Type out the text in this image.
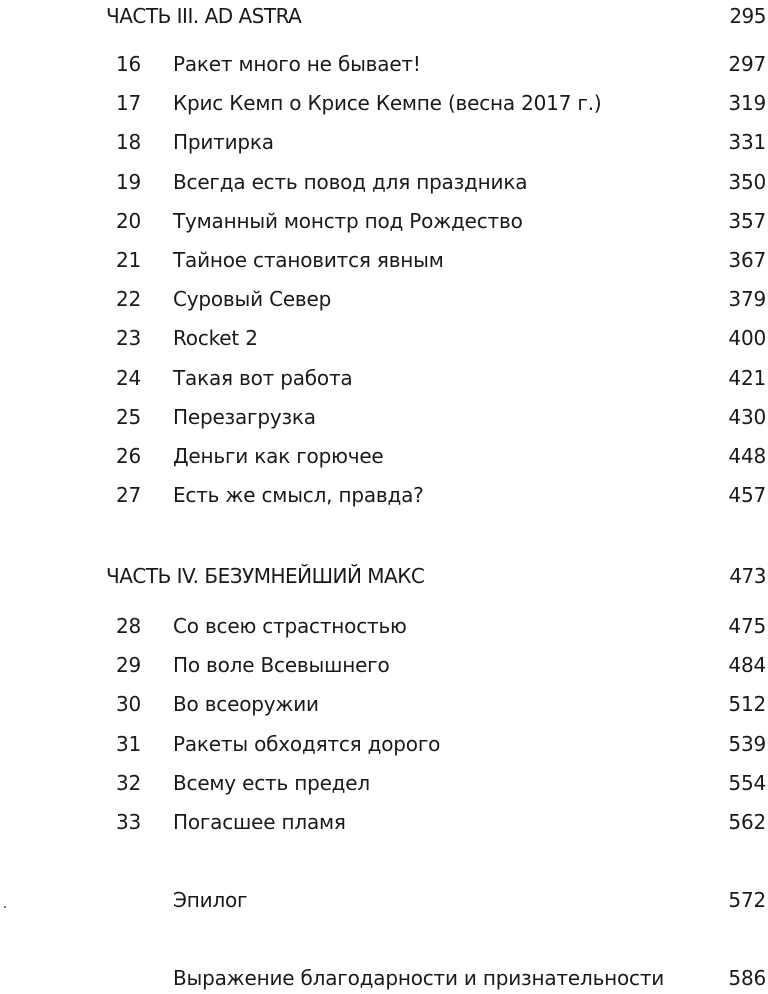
ЧАСТЬ III. AD ASTRA	295
16	Ракет много не бывает!	297
17	Крис Кемп о Крисе Кемпе (весна 2017 г.)	319
18	Притирка	331
19	Всегда есть повод для праздника	350
20	Туманный монстр под Рождество	357
21	Тайное становится явным	367
22	Суровый Север	379
23	Rocket 2	400
24	Такая вот работа	421
25	Перезагрузка	430
26	Деньги как горючее	448
27	Есть же смысл, правда?	457
ЧАСТЬ IV. БЕЗУМНЕЙШИЙ МАКС	473
28	Со всею страстностью	475
29	По воле Всевышнего	484
30	Во всеоружии	512
31	Ракеты обходятся дорого	539
32	Всему есть предел	554
33	Погасшее пламя	562
Эпилог	572
Выражение благодарности и признательности	586
